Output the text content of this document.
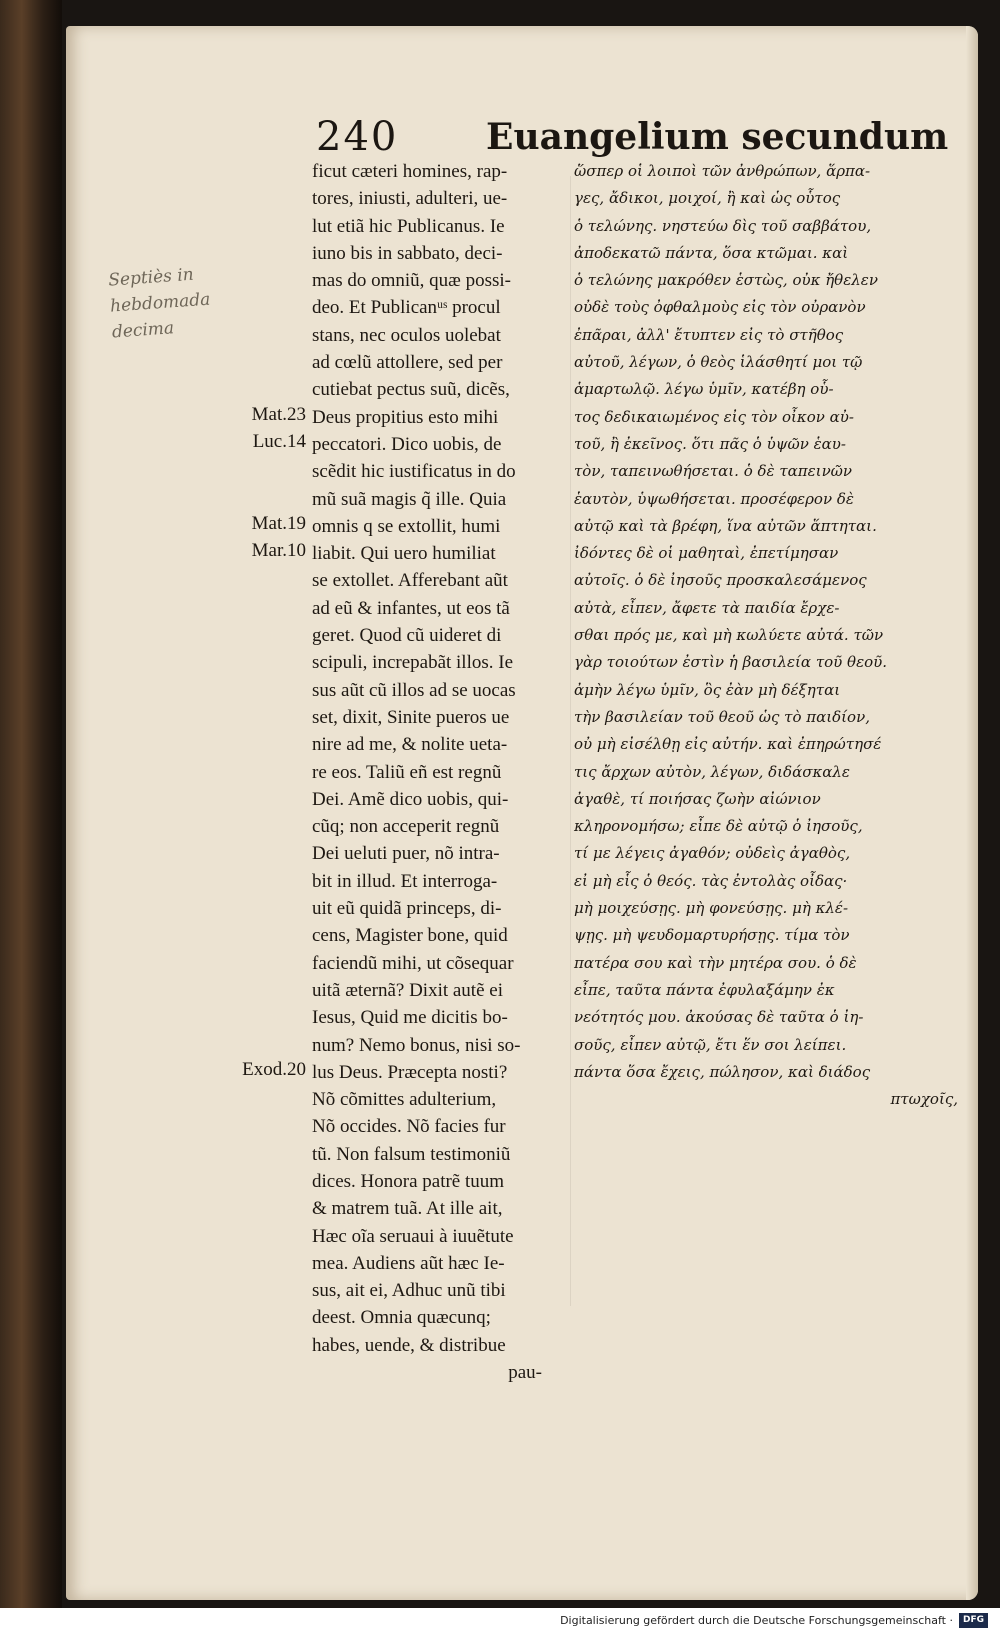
240 Euangelium secundum
Septiès in hebdomada decima
Mat.23
Luc.14
Mat.19
Mar.10
Exod.20
ficut cæteri homines, rap-
tores, iniusti, adulteri, ue-
lut etiã hic Publicanus. Ie
iuno bis in sabbato, deci-
mas do omniũ, quæ possi-
deo. Et Publicanᵘˢ procul
stans, nec oculos uolebat
ad cœlũ attollere, sed per
cutiebat pectus suũ, dicẽs,
Deus propitius esto mihi
peccatori. Dico uobis, de
scẽdit hic iustificatus in do
mũ suã magis q̃ ille. Quia
omnis q se extollit, humi
liabit. Qui uero humiliat
se extollet. Afferebant aũt
ad eũ & infantes, ut eos tã
geret. Quod cũ uideret di
scipuli, increpabãt illos. Ie
sus aũt cũ illos ad se uocas
set, dixit, Sinite pueros ue
nire ad me, & nolite ueta-
re eos. Taliũ eñ est regnũ
Dei. Amẽ dico uobis, qui-
cũq; non acceperit regnũ
Dei ueluti puer, nõ intra-
bit in illud. Et interroga-
uit eũ quidã princeps, di-
cens, Magister bone, quid
faciendũ mihi, ut cõsequar
uitã æternã? Dixit autẽ ei
Iesus, Quid me dicitis bo-
num? Nemo bonus, nisi so-
lus Deus. Præcepta nosti?
Nõ cõmittes adulterium,
Nõ occides. Nõ facies fur
tũ. Non falsum testimoniũ
dices. Honora patrẽ tuum
& matrem tuã. At ille ait,
Hæc oĩa seruaui à iuuẽtute
mea. Audiens aũt hæc Ie-
sus, ait ei, Adhuc unũ tibi
deest. Omnia quæcunq;
habes, uende, & distribue
pau-
ὥσπερ οἱ λοιποὶ τῶν ἀνθρώπων, ἅρπα-
γες, ἄδικοι, μοιχοί, ἢ καὶ ὡς οὗτος
ὁ τελώνης. νηστεύω δὶς τοῦ σαββάτου,
ἀποδεκατῶ πάντα, ὅσα κτῶμαι. καὶ
ὁ τελώνης μακρόθεν ἑστὼς, οὐκ ἤθελεν
οὐδὲ τοὺς ὀφθαλμοὺς εἰς τὸν οὐρανὸν
ἐπᾶραι, ἀλλ' ἔτυπτεν εἰς τὸ στῆθος
αὐτοῦ, λέγων, ὁ θεὸς ἱλάσθητί μοι τῷ
ἁμαρτωλῷ. λέγω ὑμῖν, κατέβη οὗ-
τος δεδικαιωμένος εἰς τὸν οἶκον αὐ-
τοῦ, ἢ ἐκεῖνος. ὅτι πᾶς ὁ ὑψῶν ἑαυ-
τὸν, ταπεινωθήσεται. ὁ δὲ ταπεινῶν
ἑαυτὸν, ὑψωθήσεται. προσέφερον δὲ
αὐτῷ καὶ τὰ βρέφη, ἵνα αὐτῶν ἅπτηται.
ἰδόντες δὲ οἱ μαθηταὶ, ἐπετίμησαν
αὐτοῖς. ὁ δὲ ἰησοῦς προσκαλεσάμενος
αὐτὰ, εἶπεν, ἄφετε τὰ παιδία ἔρχε-
σθαι πρός με, καὶ μὴ κωλύετε αὐτά. τῶν
γὰρ τοιούτων ἐστὶν ἡ βασιλεία τοῦ θεοῦ.
ἀμὴν λέγω ὑμῖν, ὃς ἐὰν μὴ δέξηται
τὴν βασιλείαν τοῦ θεοῦ ὡς τὸ παιδίον,
οὐ μὴ εἰσέλθῃ εἰς αὐτήν. καὶ ἐπηρώτησέ
τις ἄρχων αὐτὸν, λέγων, διδάσκαλε
ἀγαθὲ, τί ποιήσας ζωὴν αἰώνιον
κληρονομήσω; εἶπε δὲ αὐτῷ ὁ ἰησοῦς,
τί με λέγεις ἀγαθόν; οὐδεὶς ἀγαθὸς,
εἰ μὴ εἷς ὁ θεός. τὰς ἐντολὰς οἶδας·
μὴ μοιχεύσῃς. μὴ φονεύσῃς. μὴ κλέ-
ψῃς. μὴ ψευδομαρτυρήσῃς. τίμα τὸν
πατέρα σου καὶ τὴν μητέρα σου. ὁ δὲ
εἶπε, ταῦτα πάντα ἐφυλαξάμην ἐκ
νεότητός μου. ἀκούσας δὲ ταῦτα ὁ ἰη-
σοῦς, εἶπεν αὐτῷ, ἔτι ἕν σοι λείπει.
πάντα ὅσα ἔχεις, πώλησον, καὶ διάδος
πτωχοῖς,
Digitalisierung gefördert durch die Deutsche Forschungsgemeinschaft ·	DFG
